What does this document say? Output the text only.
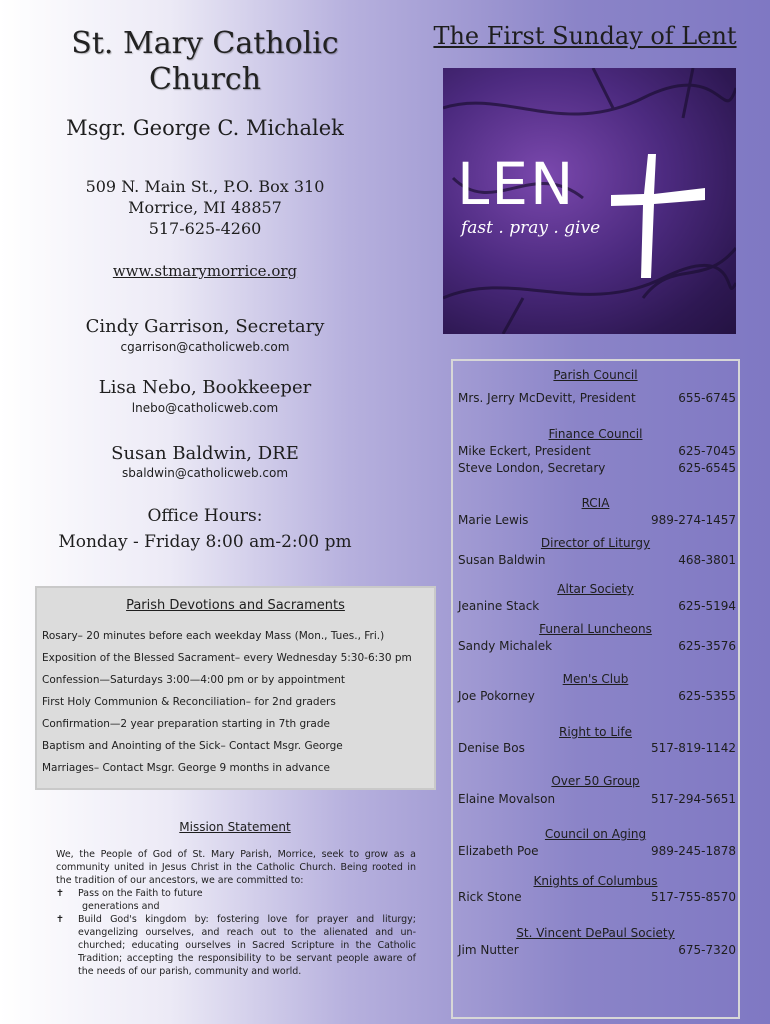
St. Mary Catholic Church
Msgr. George C. Michalek
509 N. Main St., P.O. Box 310
Morrice, MI 48857
517-625-4260
www.stmarymorrice.org
Cindy Garrison, Secretary
cgarrison@catholicweb.com
Lisa Nebo, Bookkeeper
lnebo@catholicweb.com
Susan Baldwin, DRE
sbaldwin@catholicweb.com
Office Hours:
Monday - Friday 8:00 am-2:00 pm
The First Sunday of Lent
LEN
fast . pray . give
Parish Council
Mrs. Jerry McDevitt, President	655-6745
Finance Council
Mike Eckert, President	625-7045
Steve London, Secretary	625-6545
RCIA
Marie Lewis	989-274-1457
Director of Liturgy
Susan Baldwin	468-3801
Altar Society
Jeanine Stack	625-5194
Funeral Luncheons
Sandy Michalek	625-3576
Men's Club
Joe Pokorney	625-5355
Right to Life
Denise Bos	517-819-1142
Over 50 Group
Elaine Movalson	517-294-5651
Council on Aging
Elizabeth Poe	989-245-1878
Knights of Columbus
Rick Stone	517-755-8570
St. Vincent DePaul Society
Jim Nutter	675-7320
Parish Devotions and Sacraments
Rosary– 20 minutes before each weekday Mass (Mon., Tues., Fri.)
Exposition of the Blessed Sacrament– every Wednesday 5:30-6:30 pm
Confession—Saturdays 3:00—4:00 pm or by appointment
First Holy Communion & Reconciliation– for 2nd graders
Confirmation—2 year preparation starting in 7th grade
Baptism and Anointing of the Sick– Contact Msgr. George
Marriages– Contact Msgr. George 9 months in advance
Mission Statement

We, the People of God of St. Mary Parish, Morrice, seek to grow as a community united in Jesus Christ in the Catholic Church. Being rooted in the tradition of our ancestors, we are committed to:

✝	Pass on the Faith to future
generations and
✝	Build God's kingdom by: fostering love for prayer and liturgy; evangelizing ourselves, and reach out to the alienated and un-churched; educating ourselves in Sacred Scripture in the Catholic Tradition; accepting the responsibility to be servant people aware of the needs of our parish, community and world.
